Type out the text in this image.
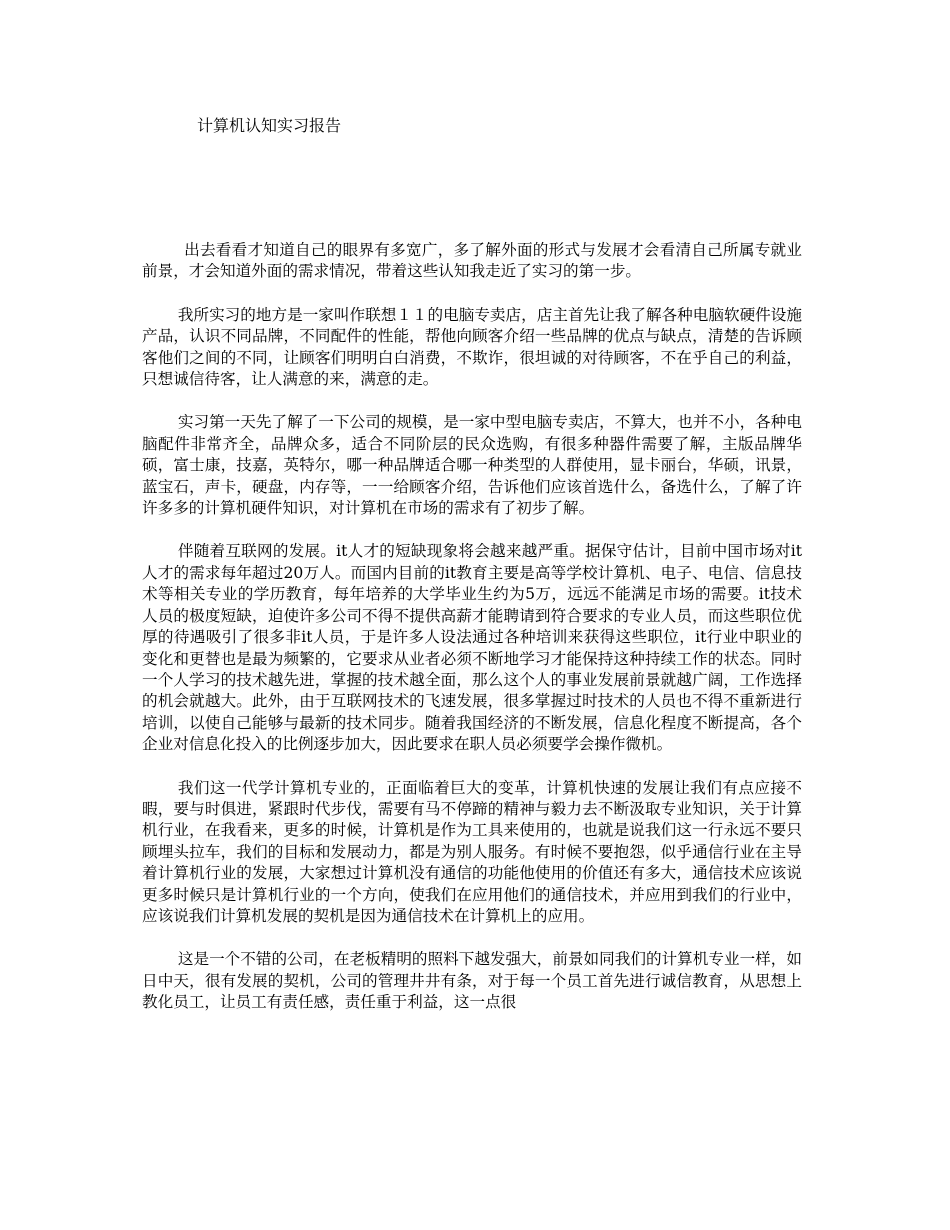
计算机认知实习报告

出去看看才知道自己的眼界有多宽广，多了解外面的形式与发展才会看清自己所属专就业前景，才会知道外面的需求情况，带着这些认知我走近了实习的第一步。

我所实习的地方是一家叫作联想１１的电脑专卖店，店主首先让我了解各种电脑软硬件设施产品，认识不同品牌，不同配件的性能，帮他向顾客介绍一些品牌的优点与缺点，清楚的告诉顾客他们之间的不同，让顾客们明明白白消费，不欺诈，很坦诚的对待顾客，不在乎自己的利益，只想诚信待客，让人满意的来，满意的走。

实习第一天先了解了一下公司的规模，是一家中型电脑专卖店，不算大，也并不小，各种电脑配件非常齐全，品牌众多，适合不同阶层的民众选购，有很多种器件需要了解，主版品牌华硕，富士康，技嘉，英特尔，哪一种品牌适合哪一种类型的人群使用，显卡丽台，华硕，讯景，蓝宝石，声卡，硬盘，内存等，一一给顾客介绍，告诉他们应该首选什么，备选什么，了解了许许多多的计算机硬件知识，对计算机在市场的需求有了初步了解。

伴随着互联网的发展。it人才的短缺现象将会越来越严重。据保守估计，目前中国市场对it人才的需求每年超过20万人。而国内目前的it教育主要是高等学校计算机、电子、电信、信息技术等相关专业的学历教育，每年培养的大学毕业生约为5万，远远不能满足市场的需要。it技术人员的极度短缺，迫使许多公司不得不提供高薪才能聘请到符合要求的专业人员，而这些职位优厚的待遇吸引了很多非it人员，于是许多人设法通过各种培训来获得这些职位，it行业中职业的变化和更替也是最为频繁的，它要求从业者必须不断地学习才能保持这种持续工作的状态。同时一个人学习的技术越先进，掌握的技术越全面，那么这个人的事业发展前景就越广阔，工作选择的机会就越大。此外，由于互联网技术的飞速发展，很多掌握过时技术的人员也不得不重新进行培训，以使自己能够与最新的技术同步。随着我国经济的不断发展，信息化程度不断提高，各个企业对信息化投入的比例逐步加大，因此要求在职人员必须要学会操作微机。

我们这一代学计算机专业的，正面临着巨大的变革，计算机快速的发展让我们有点应接不暇，要与时俱进，紧跟时代步伐，需要有马不停蹄的精神与毅力去不断汲取专业知识，关于计算机行业，在我看来，更多的时候，计算机是作为工具来使用的，也就是说我们这一行永远不要只顾埋头拉车，我们的目标和发展动力，都是为别人服务。有时候不要抱怨，似乎通信行业在主导着计算机行业的发展，大家想过计算机没有通信的功能他使用的价值还有多大，通信技术应该说更多时候只是计算机行业的一个方向，使我们在应用他们的通信技术，并应用到我们的行业中，应该说我们计算机发展的契机是因为通信技术在计算机上的应用。

这是一个不错的公司，在老板精明的照料下越发强大，前景如同我们的计算机专业一样，如日中天，很有发展的契机，公司的管理井井有条，对于每一个员工首先进行诚信教育，从思想上教化员工，让员工有责任感，责任重于利益，这一点很
